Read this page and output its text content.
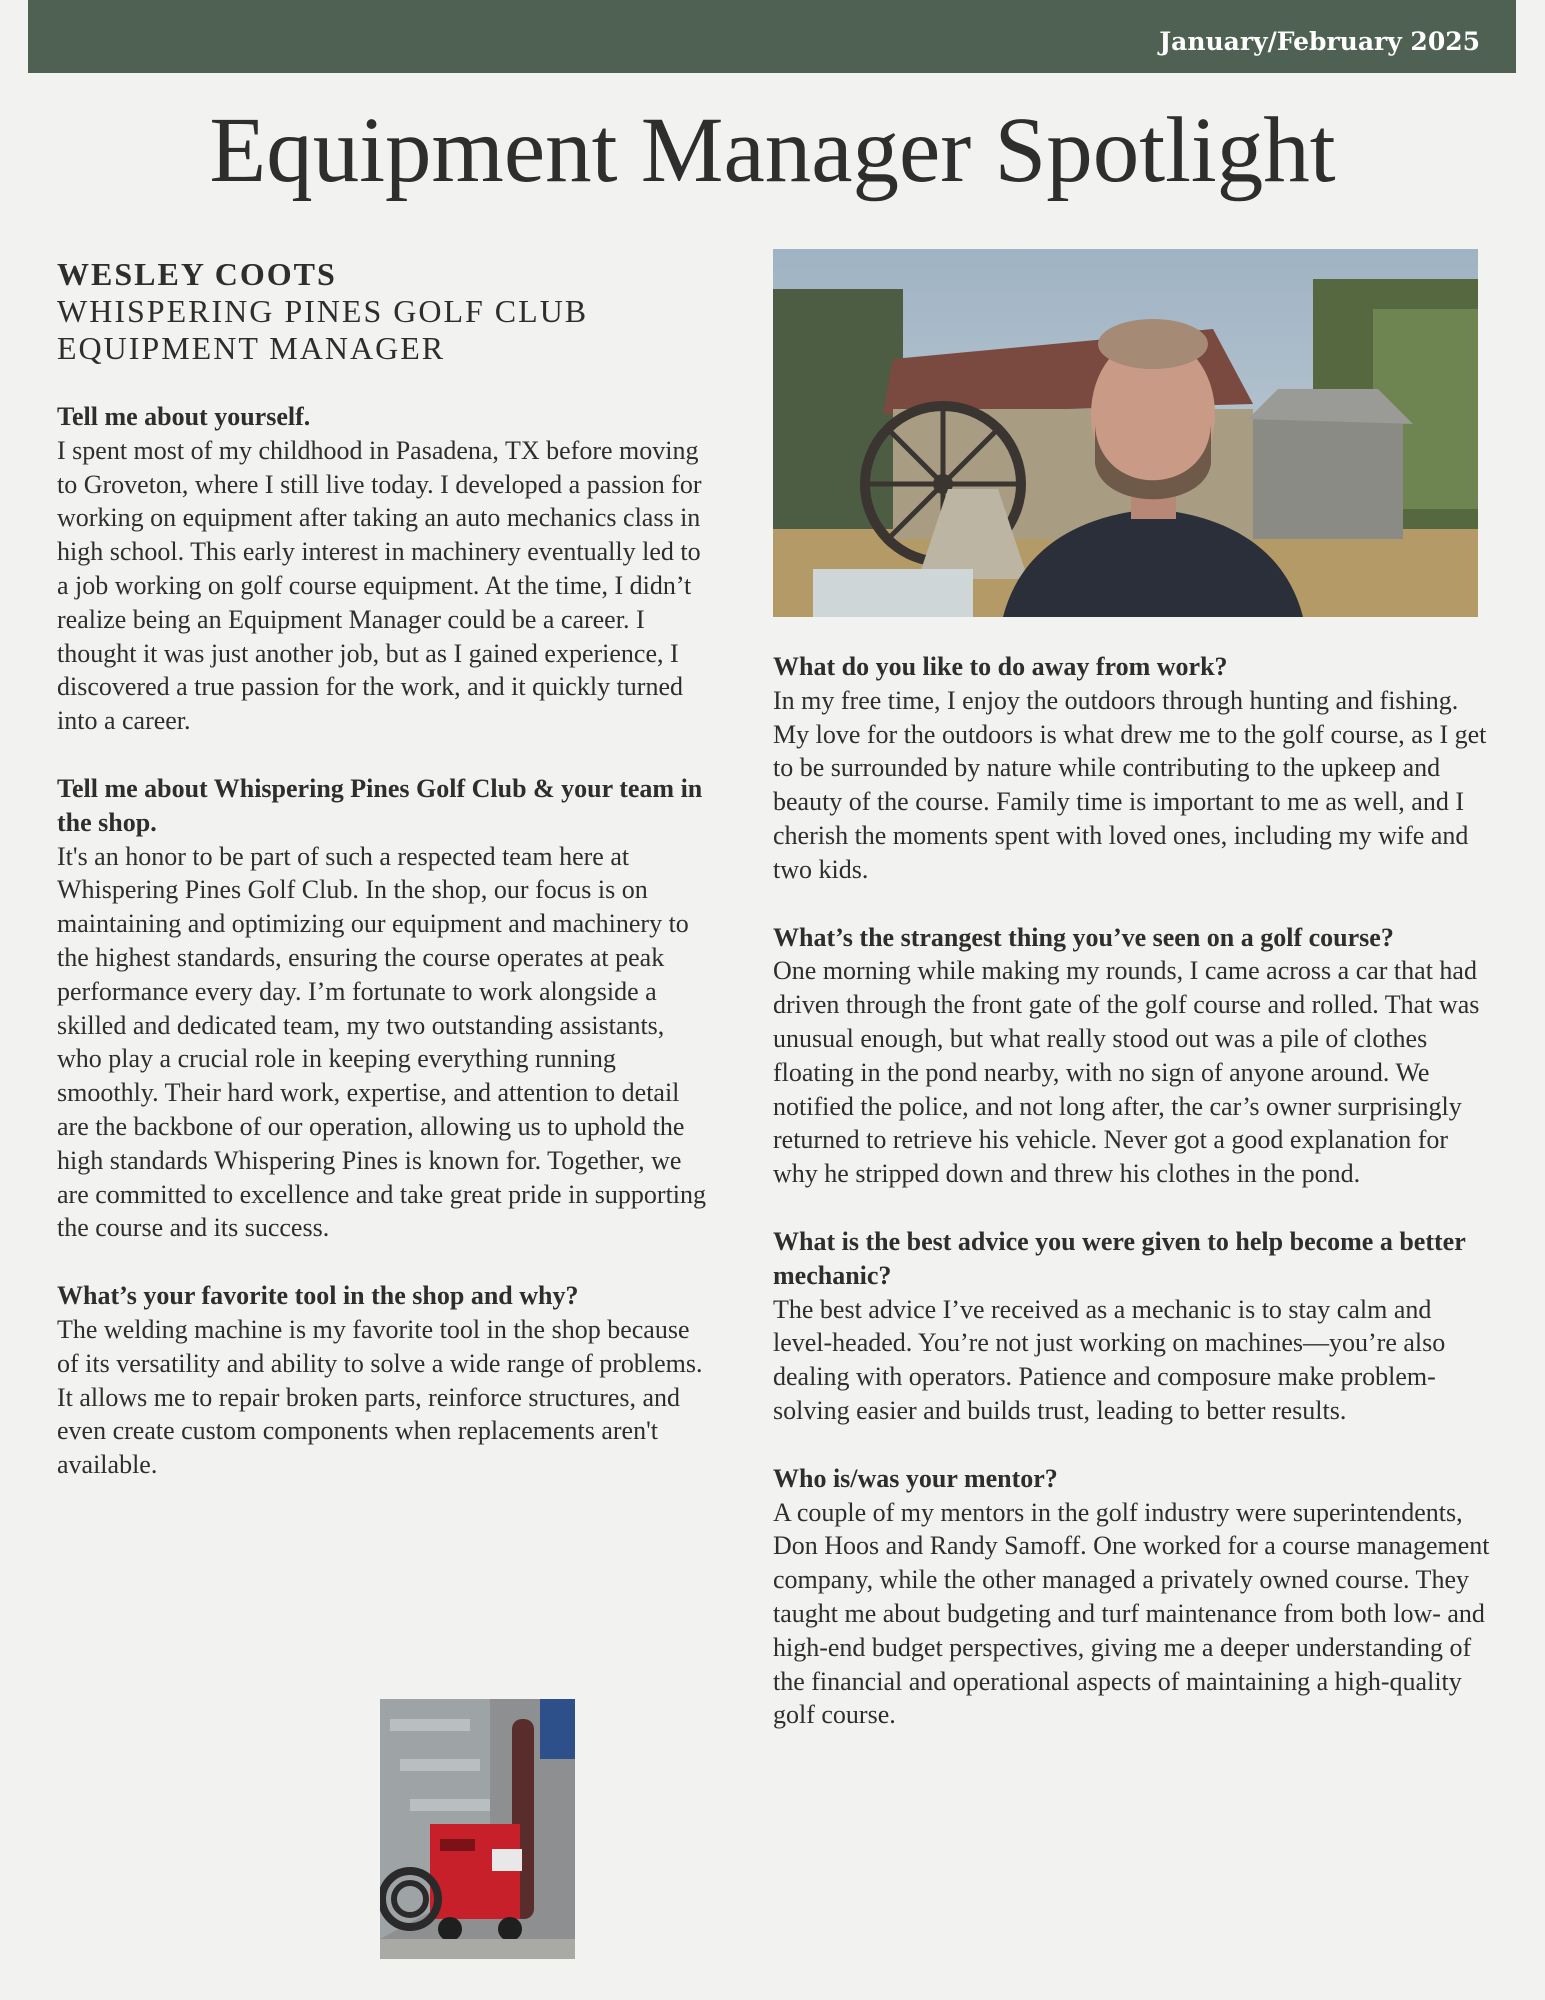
January/February 2025
Equipment Manager Spotlight
WESLEY COOTS
WHISPERING PINES GOLF CLUB
EQUIPMENT MANAGER
Tell me about yourself.
I spent most of my childhood in Pasadena, TX before moving to Groveton, where I still live today. I developed a passion for working on equipment after taking an auto mechanics class in high school. This early interest in machinery eventually led to a job working on golf course equipment. At the time, I didn’t realize being an Equipment Manager could be a career. I thought it was just another job, but as I gained experience, I discovered a true passion for the work, and it quickly turned into a career.
Tell me about Whispering Pines Golf Club & your team in the shop.
It's an honor to be part of such a respected team here at Whispering Pines Golf Club. In the shop, our focus is on maintaining and optimizing our equipment and machinery to the highest standards, ensuring the course operates at peak performance every day. I’m fortunate to work alongside a skilled and dedicated team, my two outstanding assistants, who play a crucial role in keeping everything running smoothly. Their hard work, expertise, and attention to detail are the backbone of our operation, allowing us to uphold the high standards Whispering Pines is known for. Together, we are committed to excellence and take great pride in supporting the course and its success.
What’s your favorite tool in the shop and why?
The welding machine is my favorite tool in the shop because of its versatility and ability to solve a wide range of problems. It allows me to repair broken parts, reinforce structures, and even create custom components when replacements aren't available.
What do you like to do away from work?
In my free time, I enjoy the outdoors through hunting and fishing. My love for the outdoors is what drew me to the golf course, as I get to be surrounded by nature while contributing to the upkeep and beauty of the course. Family time is important to me as well, and I cherish the moments spent with loved ones, including my wife and two kids.
What’s the strangest thing you’ve seen on a golf course?
One morning while making my rounds, I came across a car that had driven through the front gate of the golf course and rolled. That was unusual enough, but what really stood out was a pile of clothes floating in the pond nearby, with no sign of anyone around. We notified the police, and not long after, the car’s owner surprisingly returned to retrieve his vehicle. Never got a good explanation for why he stripped down and threw his clothes in the pond.
What is the best advice you were given to help become a better mechanic?
The best advice I’ve received as a mechanic is to stay calm and level-headed. You’re not just working on machines—you’re also dealing with operators. Patience and composure make problem-solving easier and builds trust, leading to better results.
Who is/was your mentor?
A couple of my mentors in the golf industry were superintendents, Don Hoos and Randy Samoff. One worked for a course management company, while the other managed a privately owned course. They taught me about budgeting and turf maintenance from both low- and high-end budget perspectives, giving me a deeper understanding of the financial and operational aspects of maintaining a high-quality golf course.
